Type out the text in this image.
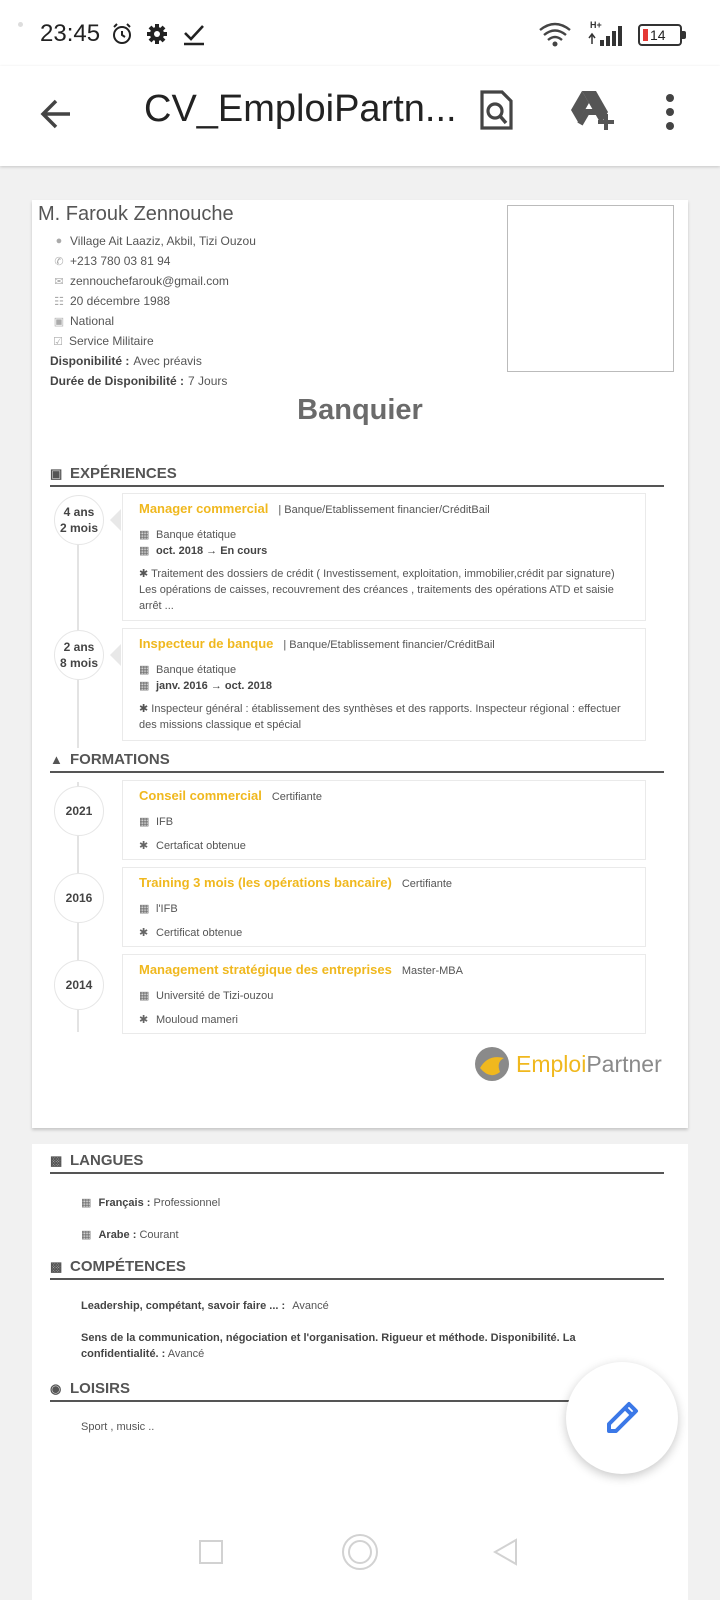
23:45	H+
14
CV_EmploiPartn...
M. Farouk Zennouche
● Village Ait Laaziz, Akbil, Tizi Ouzou
✆ +213 780 03 81 94
✉ zennouchefarouk@gmail.com
☷ 20 décembre 1988
▣ National
☑ Service Militaire
Disponibilité : Avec préavis
Durée de Disponibilité : 7 Jours
Banquier
▣ EXPÉRIENCES
4 ans
2 mois
Manager commercial | Banque/Etablissement financier/CréditBail
▦ Banque étatique
▦ oct. 2018 → En cours
✱ Traitement des dossiers de crédit ( Investissement, exploitation, immobilier,crédit par signature) Les opérations de caisses, recouvrement des créances , traitements des opérations ATD et saisie arrêt ...
2 ans
8 mois
Inspecteur de banque | Banque/Etablissement financier/CréditBail
▦ Banque étatique
▦ janv. 2016 → oct. 2018
✱ Inspecteur général : établissement des synthèses et des rapports. Inspecteur régional : effectuer des missions classique et spécial
▲ FORMATIONS
2021
Conseil commercial Certifiante
▦ IFB
✱ Certaficat obtenue
2016
Training 3 mois (les opérations bancaire) Certifiante
▦ l'IFB
✱ Certificat obtenue
2014
Management stratégique des entreprises Master-MBA
▦ Université de Tizi-ouzou
✱ Mouloud mameri
EmploiPartner
▩ LANGUES
▦ Français : Professionnel
▦ Arabe : Courant
▩ COMPÉTENCES
Leadership, compétant, savoir faire ... : Avancé
Sens de la communication, négociation et l'organisation. Rigueur et méthode. Disponibilité. La
confidentialité. : Avancé
◉ LOISIRS
Sport , music ..
